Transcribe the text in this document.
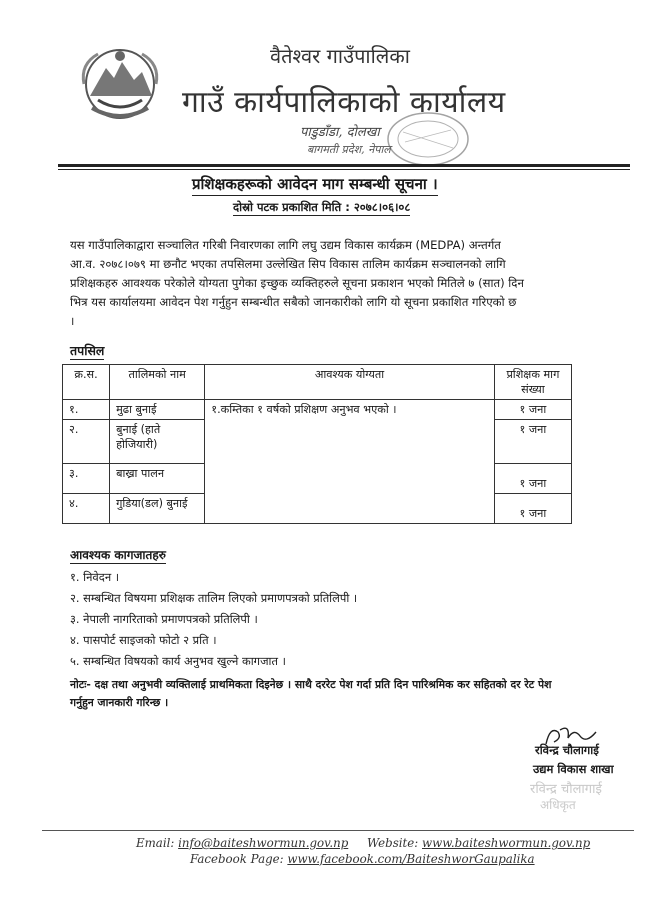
वैतेश्वर गाउँपालिका
गाउँ कार्यपालिकाको कार्यालय
पाडुडाँडा, दोलखा
बागमती प्रदेश, नेपाल
प्रशिक्षकहरूको आवेदन माग सम्बन्धी सूचना ।
दोस्रो पटक प्रकाशित मिति : २०७८।०६।०८
यस गाउँपालिकाद्वारा सञ्चालित गरिबी निवारणका लागि लघु उद्यम विकास कार्यक्रम (MEDPA) अन्तर्गत
आ.व. २०७८।०७९ मा छनौट भएका तपसिलमा उल्लेखित सिप विकास तालिम कार्यक्रम सञ्चालनको लागि
प्रशिक्षकहरु आवश्यक परेकोले योग्यता पुगेका इच्छुक व्यक्तिहरुले सूचना प्रकाशन भएको मितिले ७ (सात) दिन
भित्र यस कार्यालयमा आवेदन पेश गर्नुहुन सम्बन्धीत सबैको जानकारीको लागि यो सूचना प्रकाशित गरिएको छ
।
तपसिल
क्र.स.	तालिमको नाम	आवश्यक योग्यता	प्रशिक्षक माग संख्या
१.	मुढा बुनाई	१.कम्तिका १ वर्षको प्रशिक्षण अनुभव भएको ।	१ जना
२.	बुनाई (हाते होजियारी)		१ जना
३.	बाख्रा पालन		१ जना
४.	गुडिया(डल) बुनाई		१ जना
आवश्यक कागजातहरु
१. निवेदन ।
२. सम्बन्धित विषयमा प्रशिक्षक तालिम लिएको प्रमाणपत्रको प्रतिलिपी ।
३. नेपाली नागरिताको प्रमाणपत्रको प्रतिलिपी ।
४. पासपोर्ट साइजको फोटो २ प्रति ।
५. सम्बन्धित विषयको कार्य अनुभव खुल्ने कागजात ।
नोटः- दक्ष तथा अनुभवी व्यक्तिलाई प्राथमिकता दिइनेछ । साथै दररेट पेश गर्दा प्रति दिन पारिश्रमिक कर सहितको दर रेट पेश
गर्नुहुन जानकारी गरिन्छ ।
रविन्द्र चौलागाई
उद्यम विकास शाखा
रविन्द्र चौलागाई
अधिकृत
Email: info@baiteshwormun.gov.np Website: www.baiteshwormun.gov.np
Facebook Page: www.facebook.com/BaiteshworGaupalika
